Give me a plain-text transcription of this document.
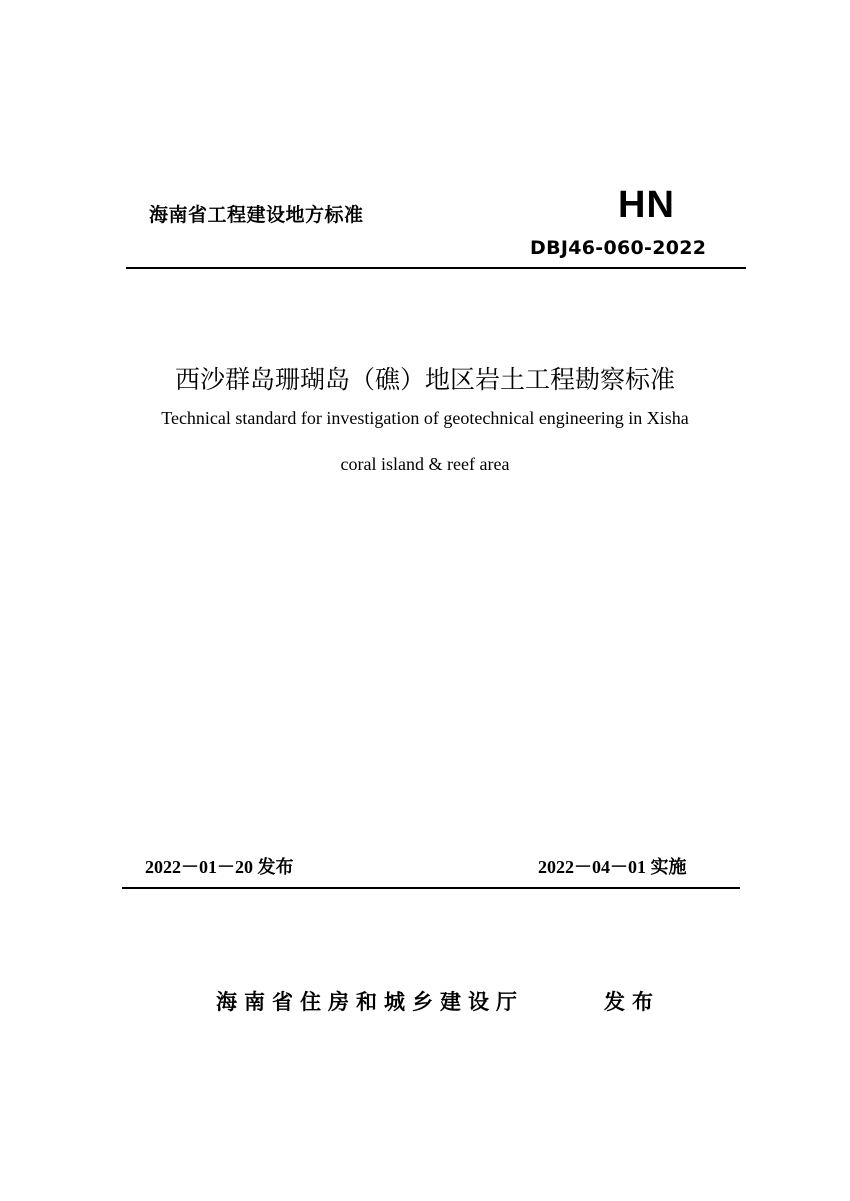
海南省工程建设地方标准	HN
DBJ46-060-2022
西沙群岛珊瑚岛（礁）地区岩土工程勘察标准
Technical standard for investigation of geotechnical engineering in Xisha
coral island & reef area
2022－01－20 发布	2022－04－01 实施
海南省住房和城乡建设厅	发布
